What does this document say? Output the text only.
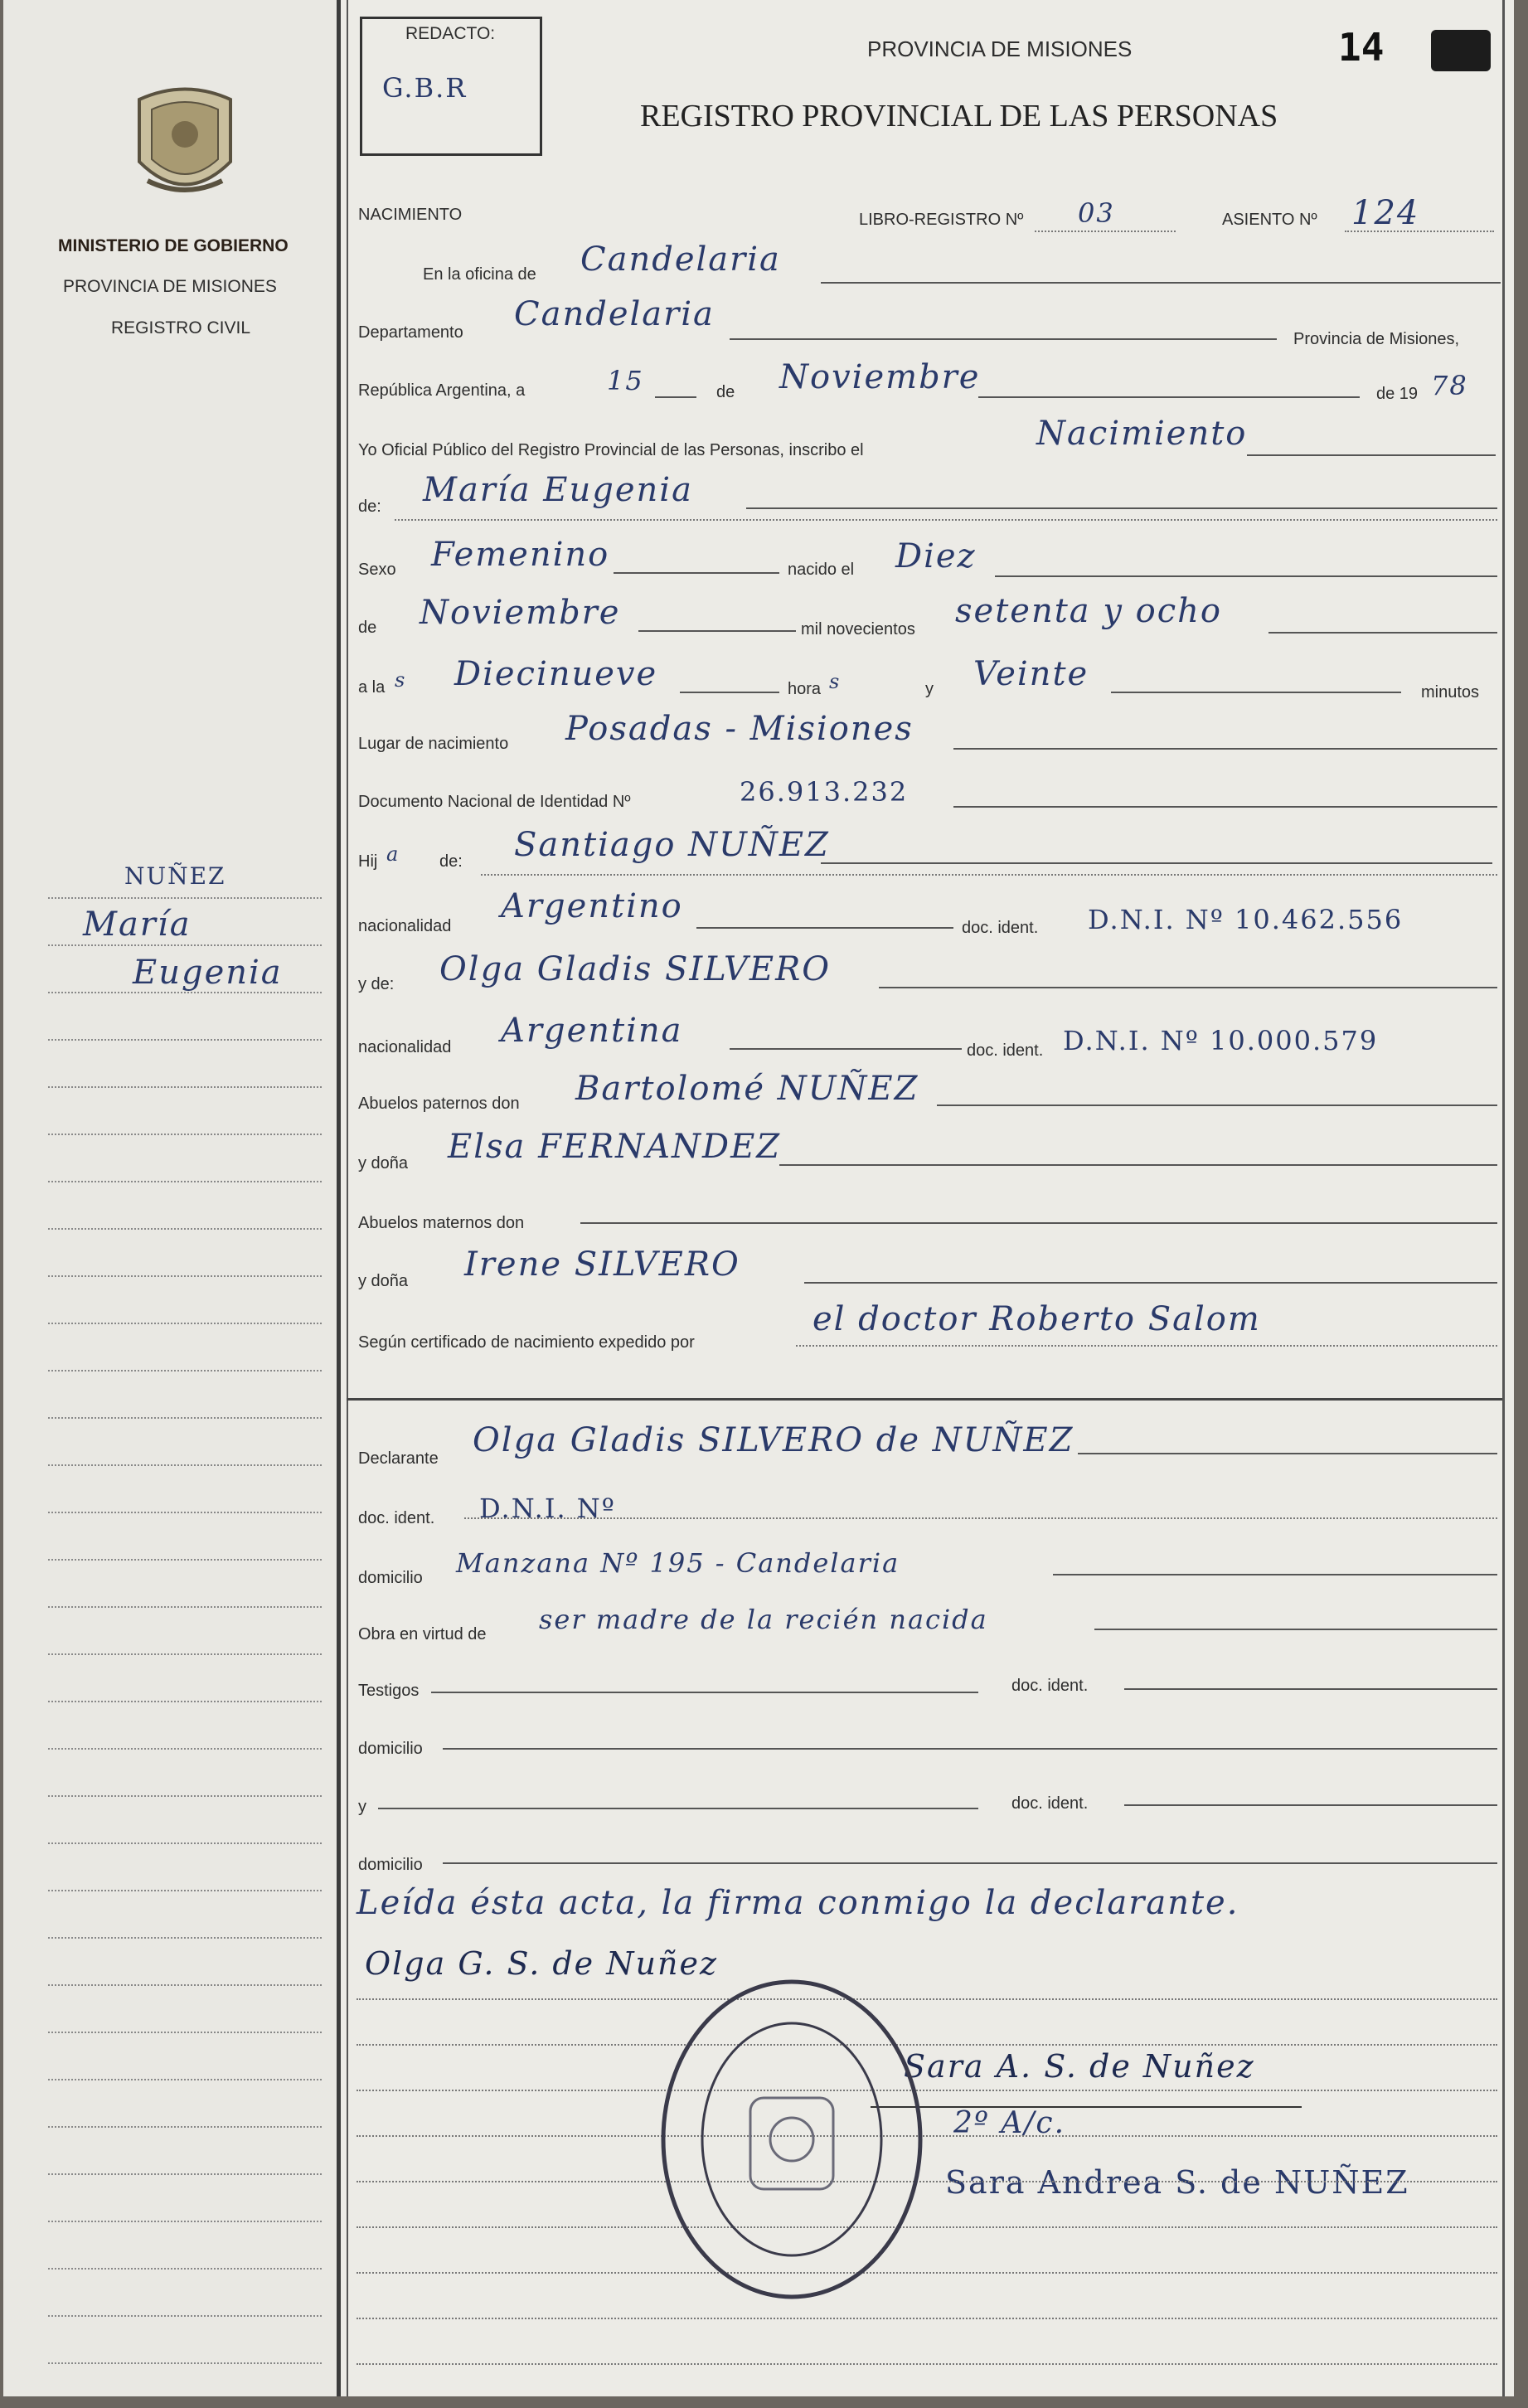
MINISTERIO DE GOBIERNO
PROVINCIA DE MISIONES
REGISTRO CIVIL
NUÑEZ
María
Eugenia
REDACTO:
G.B.R
PROVINCIA DE MISIONES
REGISTRO PROVINCIAL DE LAS PERSONAS
14
NACIMIENTO	LIBRO-REGISTRO Nº 03	ASIENTO Nº 124
En la oficina de Candelaria
Departamento Candelaria
Provincia de Misiones,
República Argentina, a	15	de Noviembre	de 19 78
Yo Oficial Público del Registro Provincial de las Personas, inscribo el	Nacimiento
de: María Eugenia
Sexo Femenino	nacido el Diez
de Noviembre	mil novecientos setenta y ocho
a la s Diecinueve	hora s	y Veinte	minutos
Lugar de nacimiento Posadas - Misiones
Documento Nacional de Identidad Nº	26.913.232
Hij a de: Santiago NUÑEZ
nacionalidad
Argentino
doc. ident. D.N.I. Nº 10.462.556
y de: Olga Gladis SILVERO
nacionalidad Argentina
doc. ident. D.N.I. Nº 10.000.579
Abuelos paternos don Bartolomé NUÑEZ
y doña Elsa FERNANDEZ
Abuelos maternos don
y doña Irene SILVERO
Según certificado de nacimiento expedido por
el doctor Roberto Salom
Declarante Olga Gladis SILVERO de NUÑEZ
doc. ident. D.N.I. Nº
domicilio Manzana Nº 195 - Candelaria
Obra en virtud de ser madre de la recién nacida
Testigos	doc. ident.
domicilio
y	doc. ident.
domicilio
Leída ésta acta, la firma conmigo la declarante.
Olga G. S. de Nuñez
Sara A. S. de Nuñez
2º A/c.
Sara Andrea S. de NUÑEZ
